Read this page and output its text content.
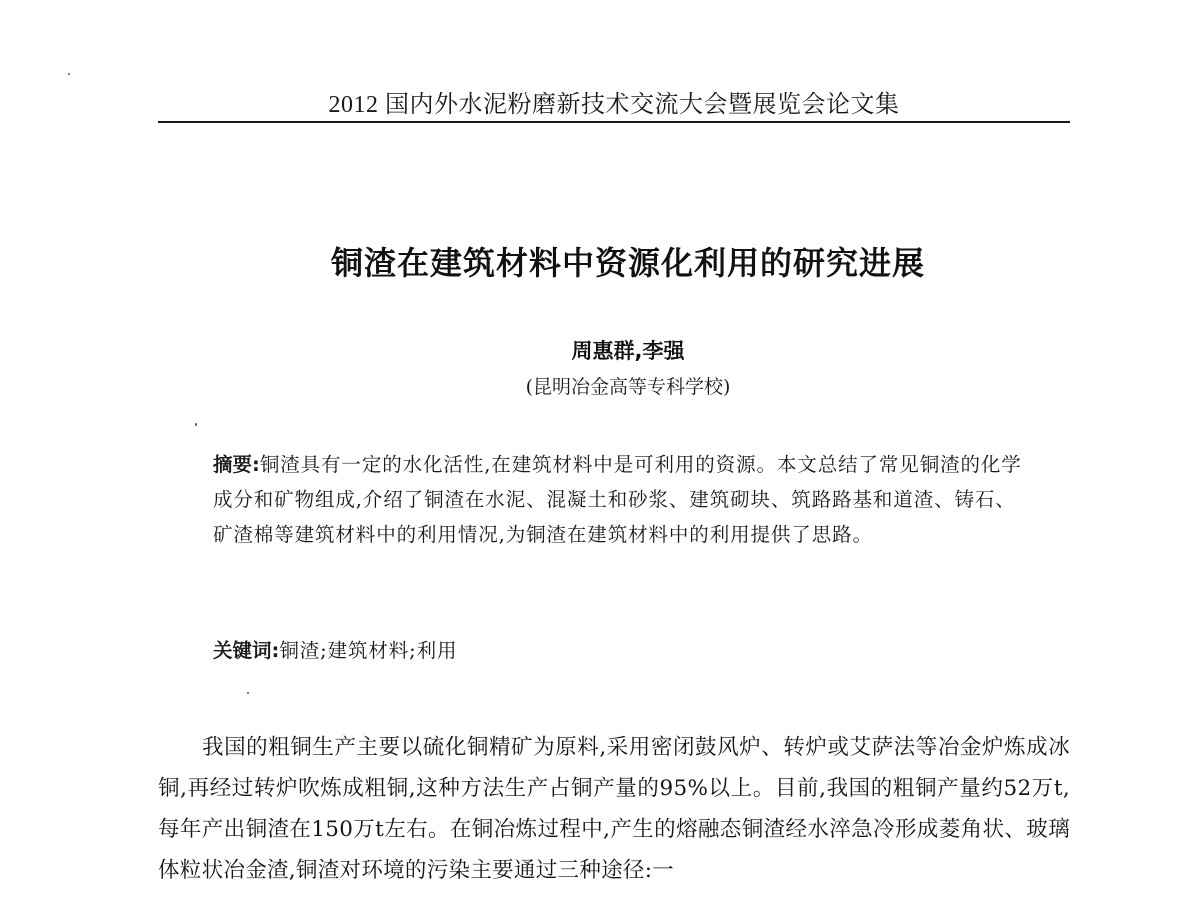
2012 国内外水泥粉磨新技术交流大会暨展览会论文集
铜渣在建筑材料中资源化利用的研究进展
周惠群,李强
(昆明冶金高等专科学校)
摘要:铜渣具有一定的水化活性,在建筑材料中是可利用的资源。本文总结了常见铜渣的化学成分和矿物组成,介绍了铜渣在水泥、混凝土和砂浆、建筑砌块、筑路路基和道渣、铸石、矿渣棉等建筑材料中的利用情况,为铜渣在建筑材料中的利用提供了思路。
关键词:铜渣;建筑材料;利用
我国的粗铜生产主要以硫化铜精矿为原料,采用密闭鼓风炉、转炉或艾萨法等冶金炉炼成冰铜,再经过转炉吹炼成粗铜,这种方法生产占铜产量的95%以上。目前,我国的粗铜产量约52万t,每年产出铜渣在150万t左右。在铜冶炼过程中,产生的熔融态铜渣经水淬急冷形成菱角状、玻璃体粒状冶金渣,铜渣对环境的污染主要通过三种途径:一
